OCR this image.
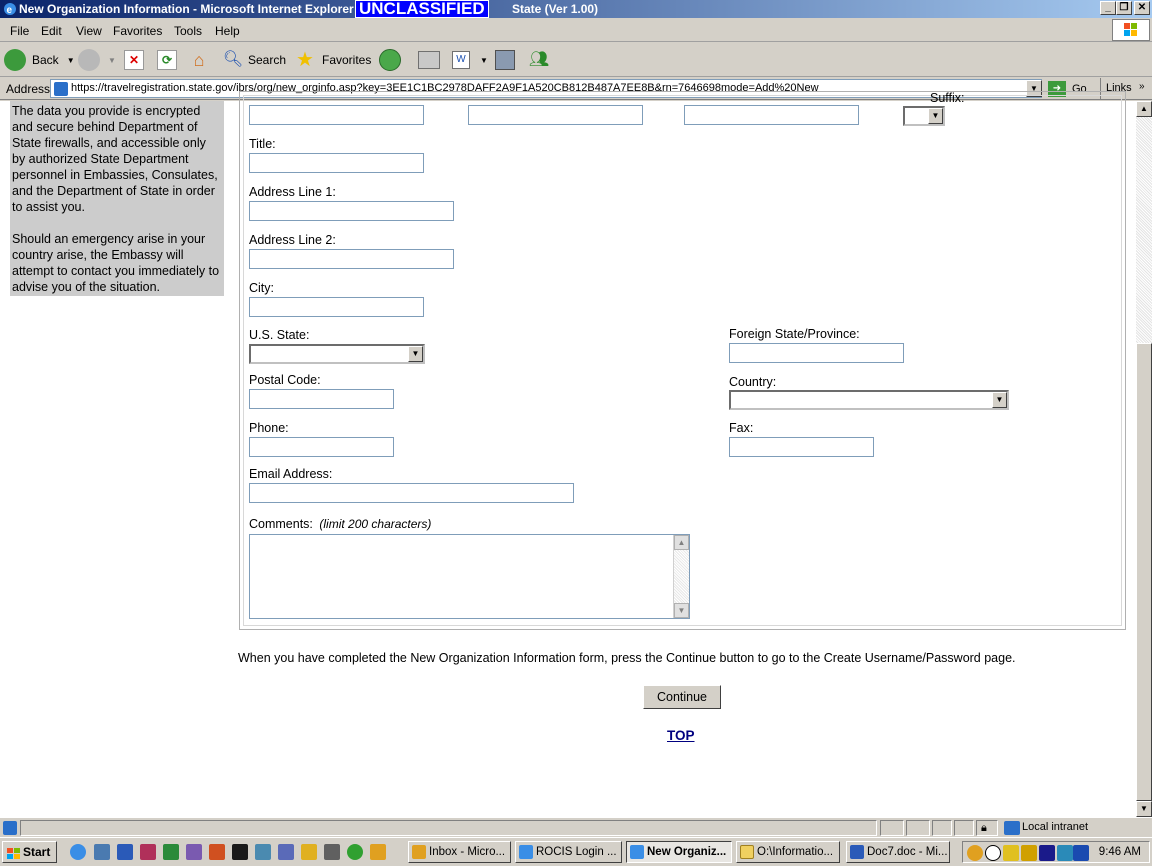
e New Organization Information - Microsoft Internet Explorer UNCLASSIFIED	State (Ver 1.00)	_ ❐ ✕
File Edit View Favorites Tools Help
Back ▼	▼	✕	⟳	⌂	🔍︎ Search ★ Favorites	W	▼	👥︎
Address	https://travelregistration.state.gov/ibrs/org/new_orginfo.asp?key=3EE1C1BC2978DAFF2A9F1A520CB812B487A7EE8B&rn=7646698mode=Add%20New	▼	➜ Go Links »

The data you provide is encrypted and secure behind Department of State firewalls, and accessible only by authorized State Department personnel in Embassies, Consulates, and the Department of State in order to assist you.

Should an emergency arise in your country arise, the Embassy will attempt to contact you immediately to advise you of the situation.

Suffix:
▼
Title:
Address Line 1:
Address Line 2:
City:
U.S. State:
▼
Foreign State/Province:
Postal Code:	Country:
▼
Phone:	Fax:
Email Address:
Comments: (limit 200 characters)
▲
▼
When you have completed the New Organization Information form, press the Continue button to go to the Create Username/Password page.
Continue
TOP
▲
▼
🔒︎	Local intranet
Start	Inbox - Micro...	ROCIS Login ...	New Organiz...	O:\Informatio...	Doc7.doc - Mi...	9:46 AM
